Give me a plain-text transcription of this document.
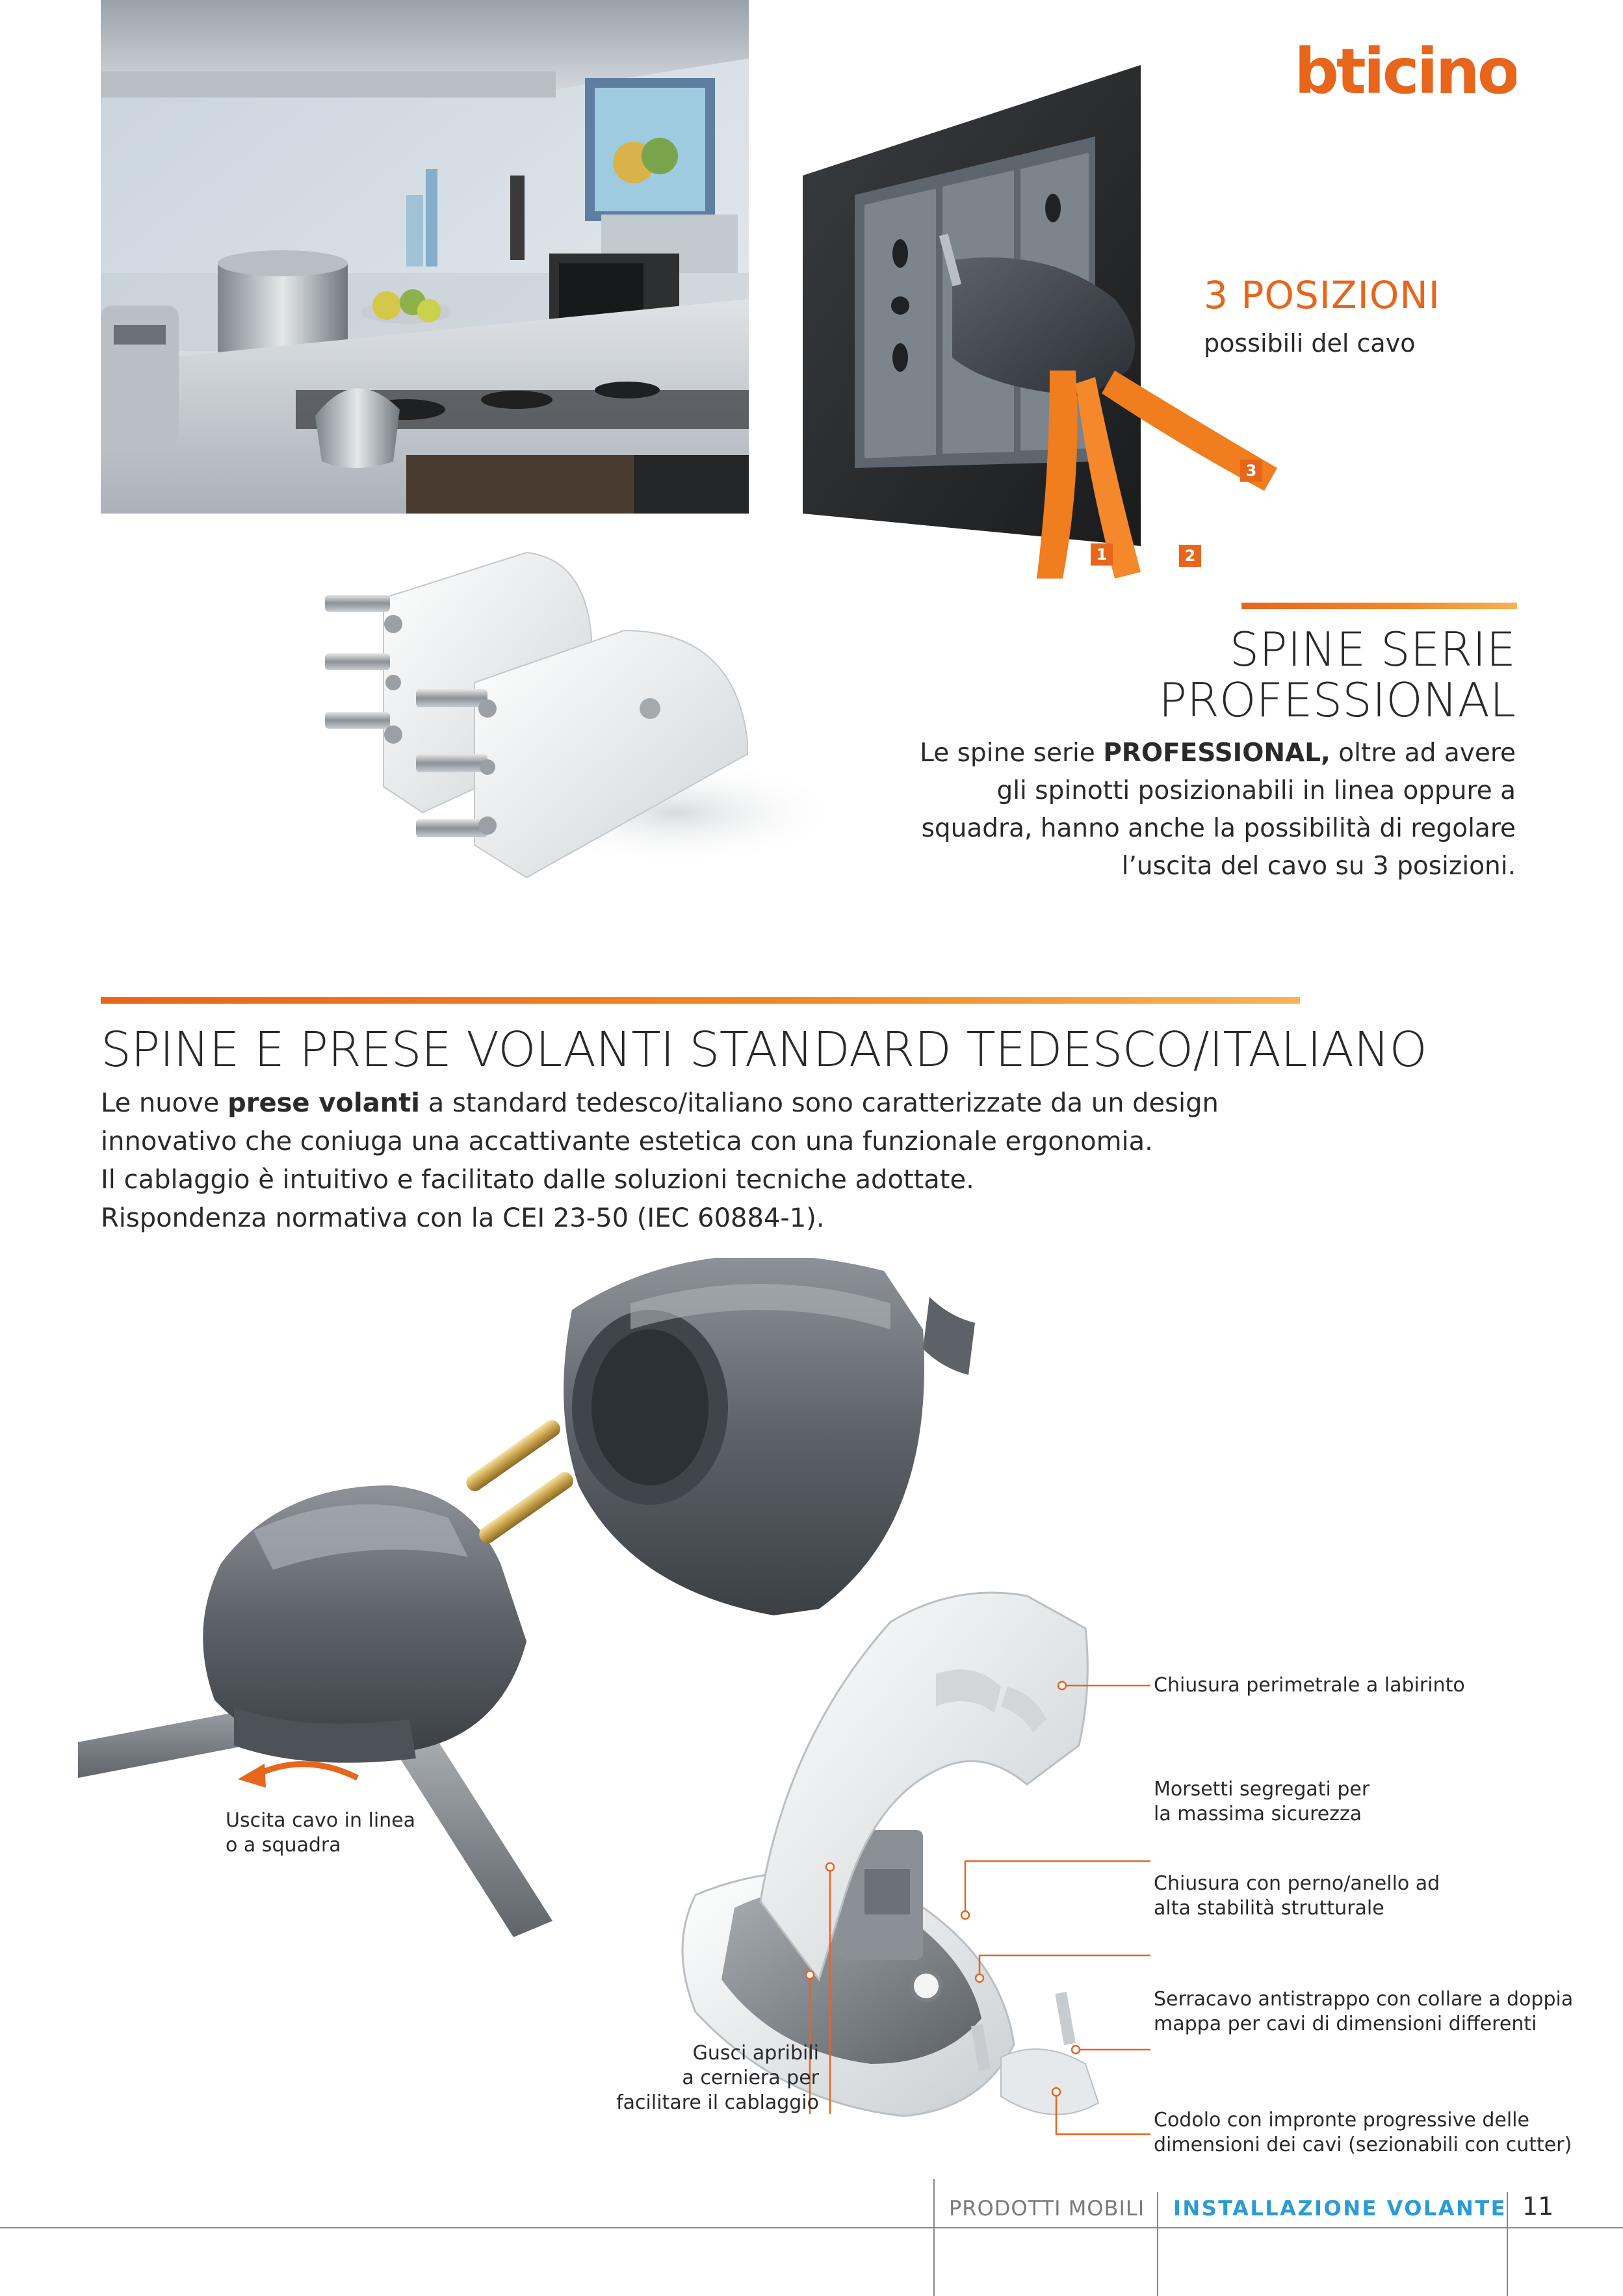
bticino
3 POSIZIONI
possibili del cavo
3
1	2
SPINE SERIE
PROFESSIONAL
Le spine serie PROFESSIONAL, oltre ad avere
gli spinotti posizionabili in linea oppure a
squadra, hanno anche la possibilità di regolare
l’uscita del cavo su 3 posizioni.
SPINE E PRESE VOLANTI STANDARD TEDESCO/ITALIANO

Le nuove prese volanti a standard tedesco/italiano sono caratterizzate da un design

innovativo che coniuga una accattivante estetica con una funzionale ergonomia.

Il cablaggio è intuitivo e facilitato dalle soluzioni tecniche adottate.

Rispondenza normativa con la CEI 23-50 (IEC 60884-1).

Uscita cavo in linea
o a squadra
Gusci apribili
a cerniera per
facilitare il cablaggio
Chiusura perimetrale a labirinto
Morsetti segregati per
la massima sicurezza
Chiusura con perno/anello ad
alta stabilità strutturale
Serracavo antistrappo con collare a doppia
mappa per cavi di dimensioni differenti
Codolo con impronte progressive delle
dimensioni dei cavi (sezionabili con cutter)
PRODOTTI MOBILI INSTALLAZIONE VOLANTE 11
